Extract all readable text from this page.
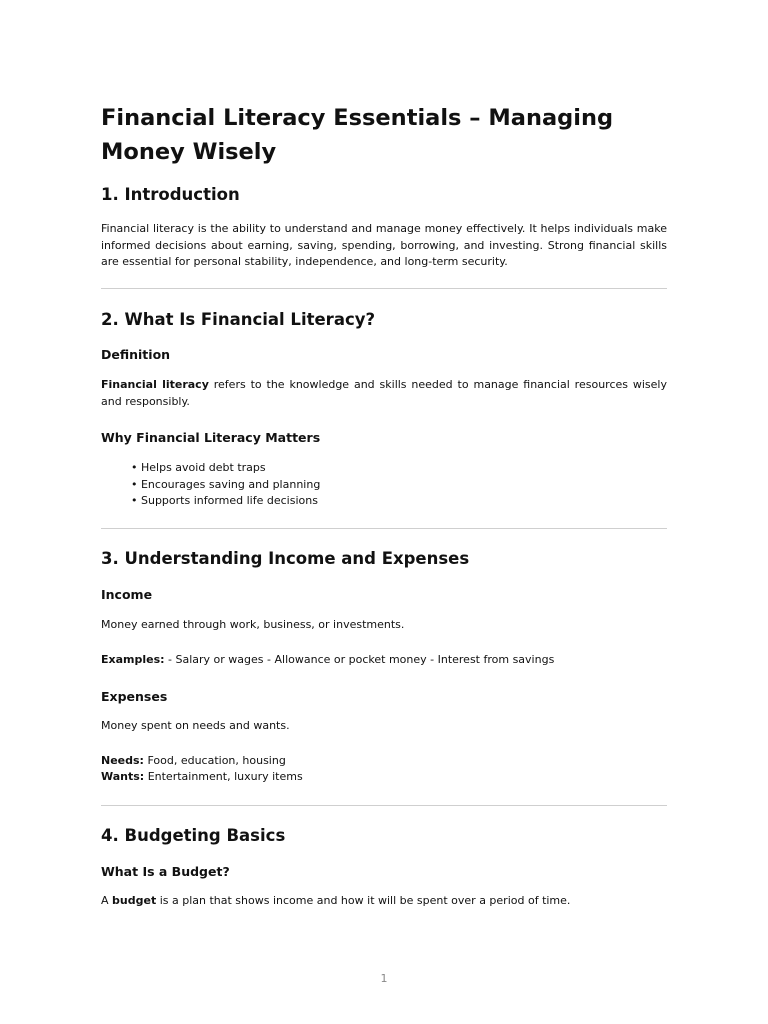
Financial Literacy Essentials – Managing Money Wisely
1. Introduction

Financial literacy is the ability to understand and manage money effectively. It helps individuals make informed decisions about earning, saving, spending, borrowing, and investing. Strong financial skills are essential for personal stability, independence, and long-term security.

2. What Is Financial Literacy?
Definition

Financial literacy refers to the knowledge and skills needed to manage financial resources wisely and responsibly.

Why Financial Literacy Matters
• Helps avoid debt traps
• Encourages saving and planning
• Supports informed life decisions
3. Understanding Income and Expenses
Income

Money earned through work, business, or investments.

Examples: - Salary or wages - Allowance or pocket money - Interest from savings

Expenses

Money spent on needs and wants.

Needs: Food, education, housing

Wants: Entertainment, luxury items

4. Budgeting Basics
What Is a Budget?

A budget is a plan that shows income and how it will be spent over a period of time.

1
